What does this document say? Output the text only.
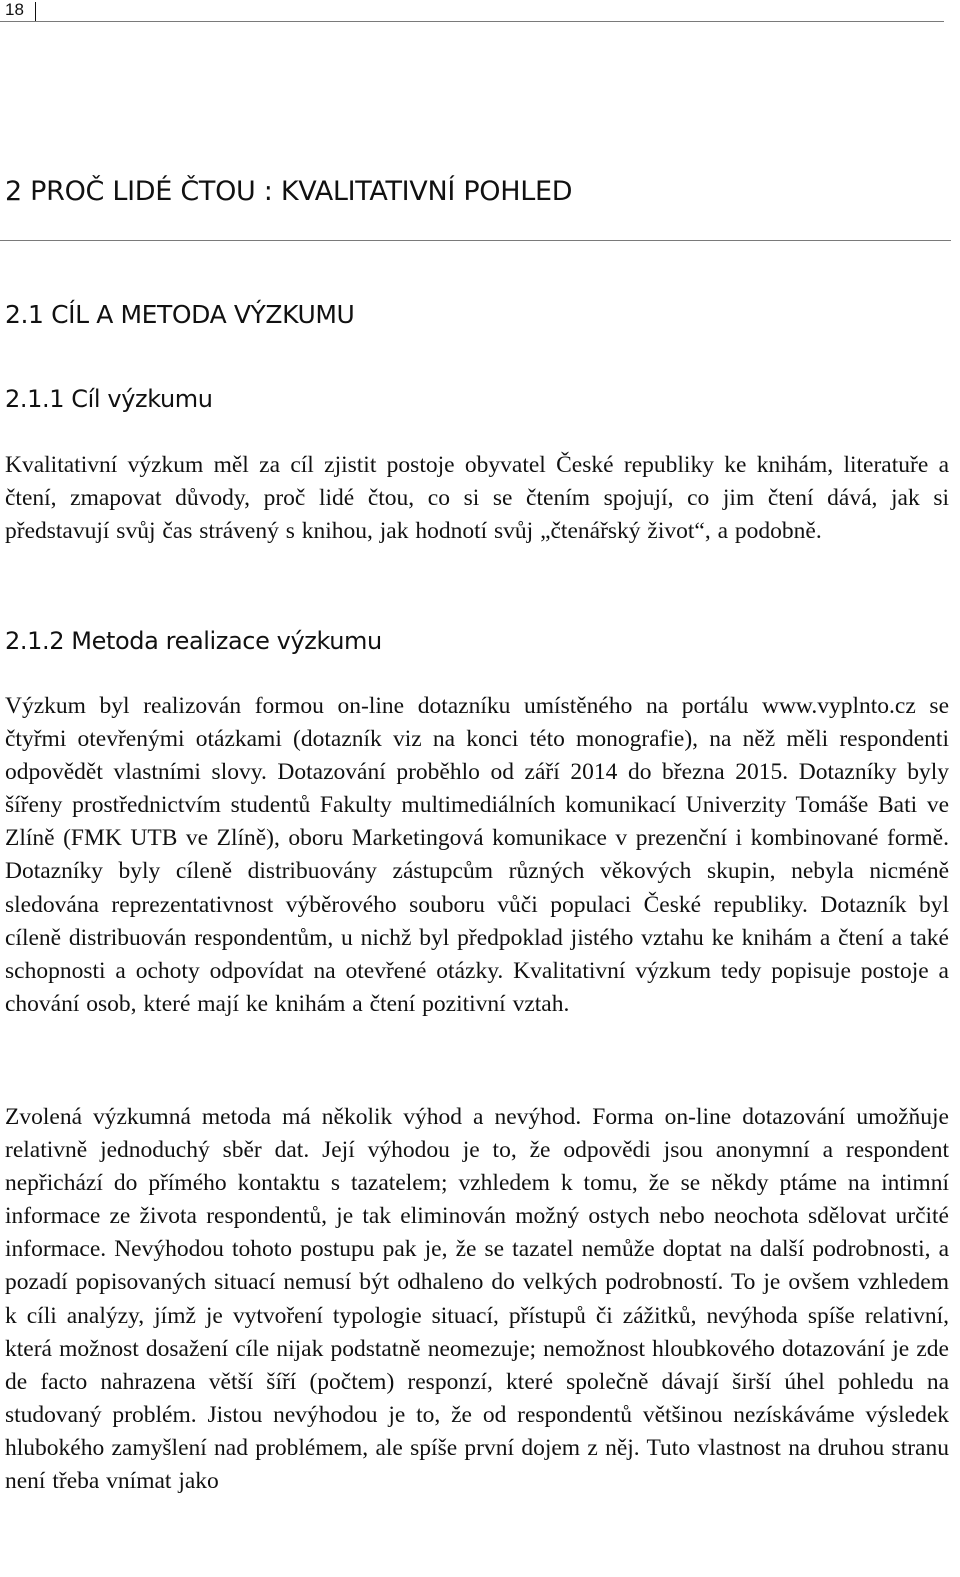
18
2 PROČ LIDÉ ČTOU : KVALITATIVNÍ POHLED
2.1 CÍL A METODA VÝZKUMU
2.1.1 Cíl výzkumu

Kvalitativní výzkum měl za cíl zjistit postoje obyvatel České republiky ke knihám, literatuře a čtení, zmapovat důvody, proč lidé čtou, co si se čtením spojují, co jim čtení dává, jak si představují svůj čas strávený s knihou, jak hodnotí svůj „čtenářský život“, a podobně.

2.1.2 Metoda realizace výzkumu

Výzkum byl realizován formou on-line dotazníku umístěného na portálu www.vyplnto.cz se čtyřmi otevřenými otázkami (dotazník viz na konci této monografie), na něž měli respondenti odpovědět vlastními slovy. Dotazování proběhlo od září 2014 do března 2015. Dotazníky byly šířeny prostřednictvím studentů Fakulty multimediálních komunikací Univerzity Tomáše Bati ve Zlíně (FMK UTB ve Zlíně), oboru Marketingová komunikace v prezenční i kombinované formě. Dotazníky byly cíleně distribuovány zástupcům různých věkových skupin, nebyla nicméně sledována reprezentativnost výběrového souboru vůči populaci České republiky. Dotazník byl cíleně distribuován respondentům, u nichž byl předpoklad jistého vztahu ke knihám a čtení a také schopnosti a ochoty odpovídat na otevřené otázky. Kvalitativní výzkum tedy popisuje postoje a chování osob, které mají ke knihám a čtení pozitivní vztah.

Zvolená výzkumná metoda má několik výhod a nevýhod. Forma on-line dotazování umožňuje relativně jednoduchý sběr dat. Její výhodou je to, že odpovědi jsou anonymní a respondent nepřichází do přímého kontaktu s tazatelem; vzhledem k tomu, že se někdy ptáme na intimní informace ze života respondentů, je tak eliminován možný ostych nebo neochota sdělovat určité informace. Nevýhodou tohoto postupu pak je, že se tazatel nemůže doptat na další podrobnosti, a pozadí popisovaných situací nemusí být odhaleno do velkých podrobností. To je ovšem vzhledem k cíli analýzy, jímž je vytvoření typologie situací, přístupů či zážitků, nevýhoda spíše relativní, která možnost dosažení cíle nijak podstatně neomezuje; nemožnost hloubkového dotazování je zde de facto nahrazena větší šíří (počtem) responzí, které společně dávají širší úhel pohledu na studovaný problém. Jistou nevýhodou je to, že od respondentů většinou nezískáváme výsledek hlubokého zamyšlení nad problémem, ale spíše první dojem z něj. Tuto vlastnost na druhou stranu není třeba vnímat jako
